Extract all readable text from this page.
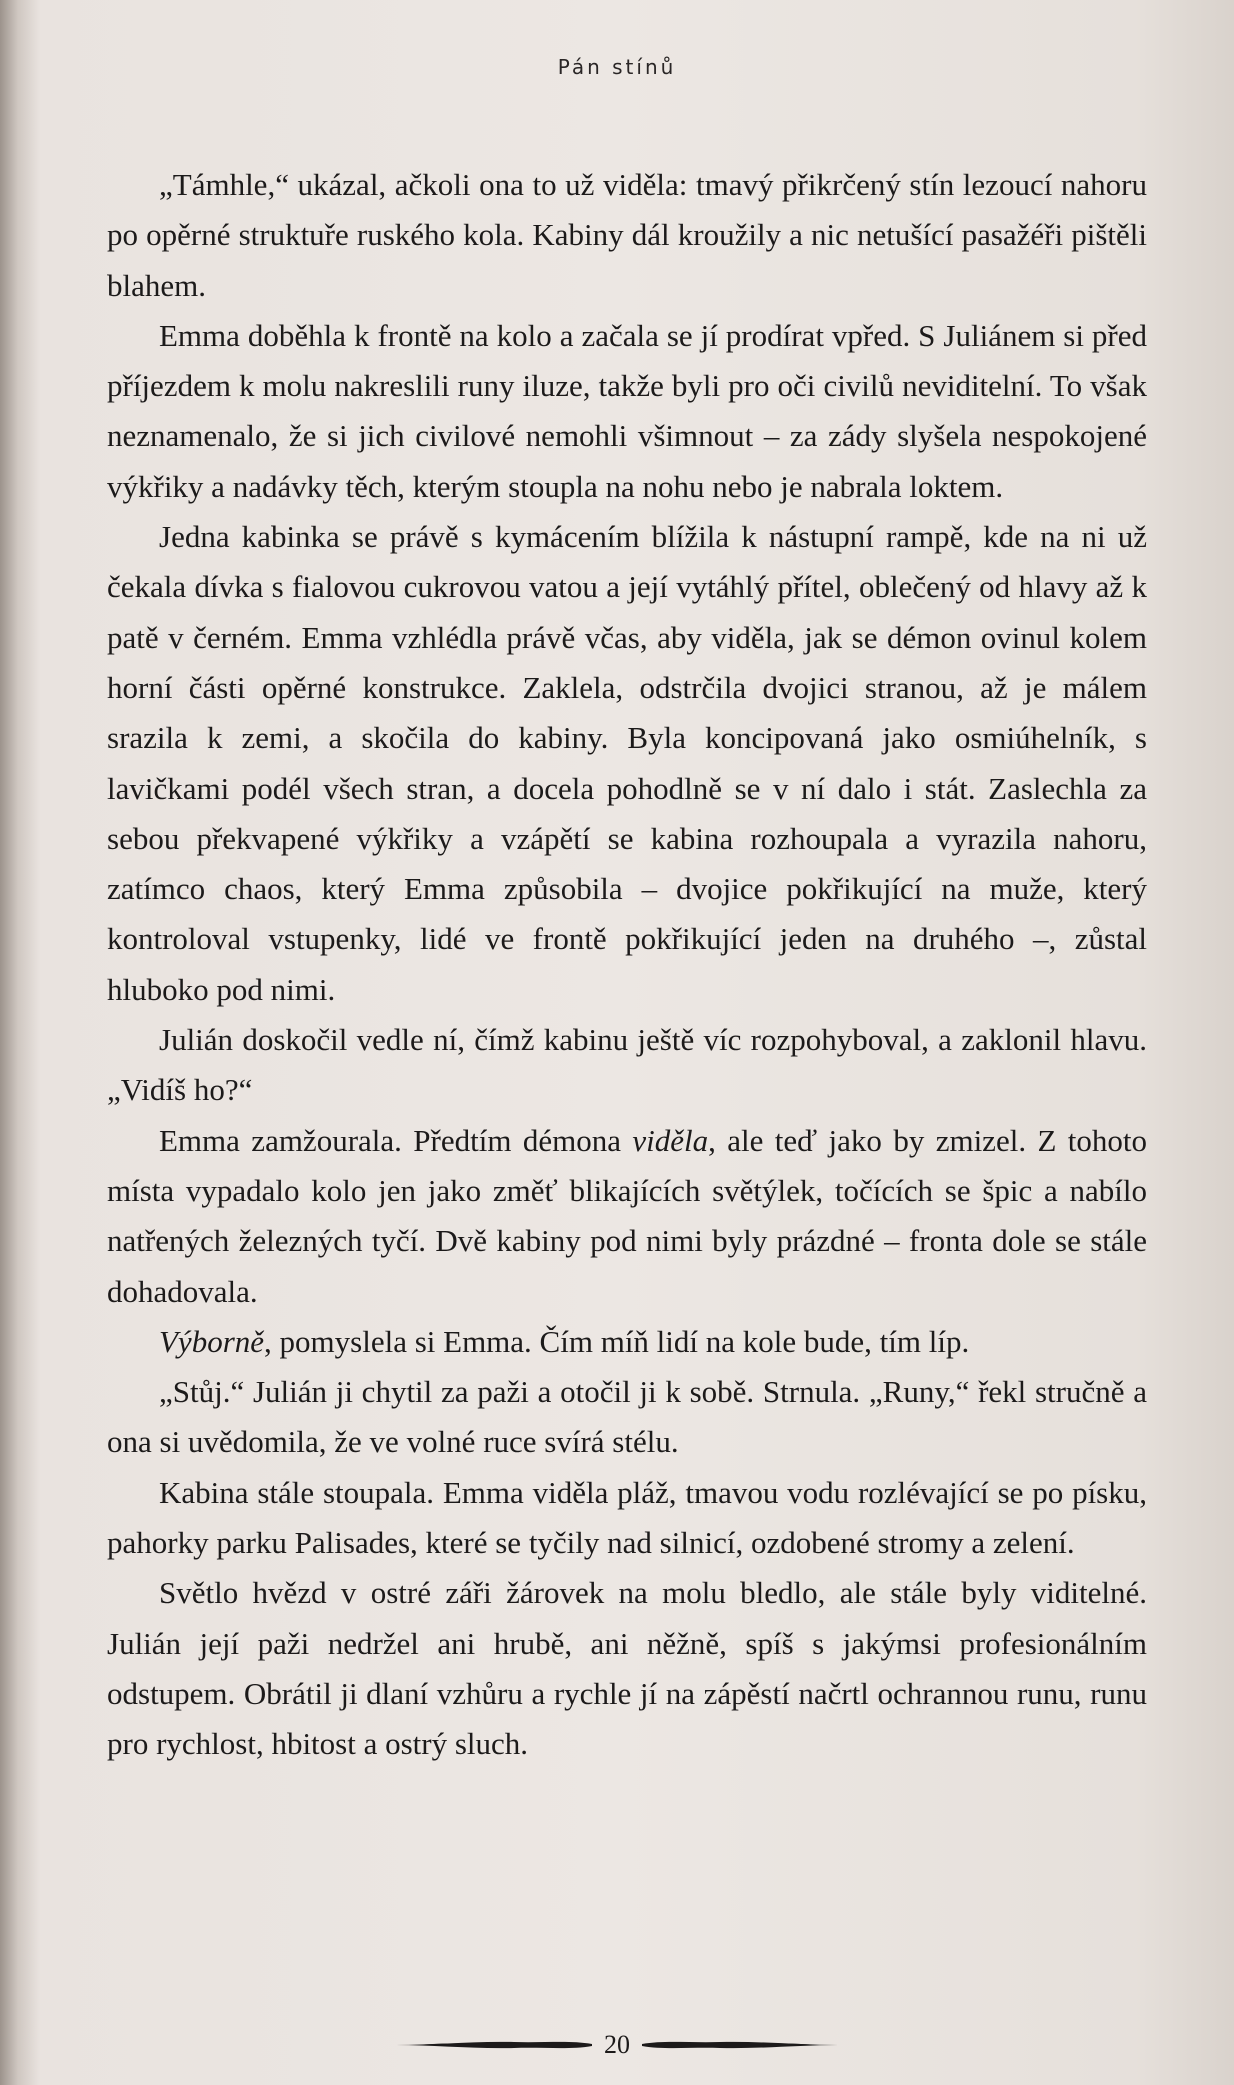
Pán stínů

„Támhle,“ ukázal, ačkoli ona to už viděla: tmavý přikrčený stín lezoucí nahoru po opěrné struktuře ruského kola. Kabiny dál kroužily a nic netušící pasažéři pištěli blahem.

Emma doběhla k frontě na kolo a začala se jí prodírat vpřed. S Juliánem si před příjezdem k molu nakreslili runy iluze, takže byli pro oči civilů neviditelní. To však neznamenalo, že si jich civilové nemohli všimnout – za zády slyšela nespokojené výkřiky a nadávky těch, kterým stoupla na nohu nebo je nabrala loktem.

Jedna kabinka se právě s kymácením blížila k nástupní rampě, kde na ni už čekala dívka s fialovou cukrovou vatou a její vytáhlý přítel, oblečený od hlavy až k patě v černém. Emma vzhlédla právě včas, aby viděla, jak se démon ovinul kolem horní části opěrné konstrukce. Zaklela, odstrčila dvojici stranou, až je málem srazila k zemi, a skočila do kabiny. Byla koncipovaná jako osmiúhelník, s lavičkami podél všech stran, a docela pohodlně se v ní dalo i stát. Zaslechla za sebou překvapené výkřiky a vzápětí se kabina rozhoupala a vyrazila nahoru, zatímco chaos, který Emma způsobila – dvojice pokřikující na muže, který kontroloval vstupenky, lidé ve frontě pokřikující jeden na druhého –, zůstal hluboko pod nimi.

Julián doskočil vedle ní, čímž kabinu ještě víc rozpohyboval, a zaklonil hlavu. „Vidíš ho?“

Emma zamžourala. Předtím démona viděla, ale teď jako by zmizel. Z tohoto místa vypadalo kolo jen jako změť blikajících světýlek, točících se špic a nabílo natřených železných tyčí. Dvě kabiny pod nimi byly prázdné – fronta dole se stále dohadovala.

Výborně, pomyslela si Emma. Čím míň lidí na kole bude, tím líp.

„Stůj.“ Julián ji chytil za paži a otočil ji k sobě. Strnula. „Runy,“ řekl stručně a ona si uvědomila, že ve volné ruce svírá stélu.

Kabina stále stoupala. Emma viděla pláž, tmavou vodu rozlévající se po písku, pahorky parku Palisades, které se tyčily nad silnicí, ozdobené stromy a zelení.

Světlo hvězd v ostré záři žárovek na molu bledlo, ale stále byly viditelné. Julián její paži nedržel ani hrubě, ani něžně, spíš s jakýmsi profesionálním odstupem. Obrátil ji dlaní vzhůru a rychle jí na zápěstí načrtl ochrannou runu, runu pro rychlost, hbitost a ostrý sluch.

20
